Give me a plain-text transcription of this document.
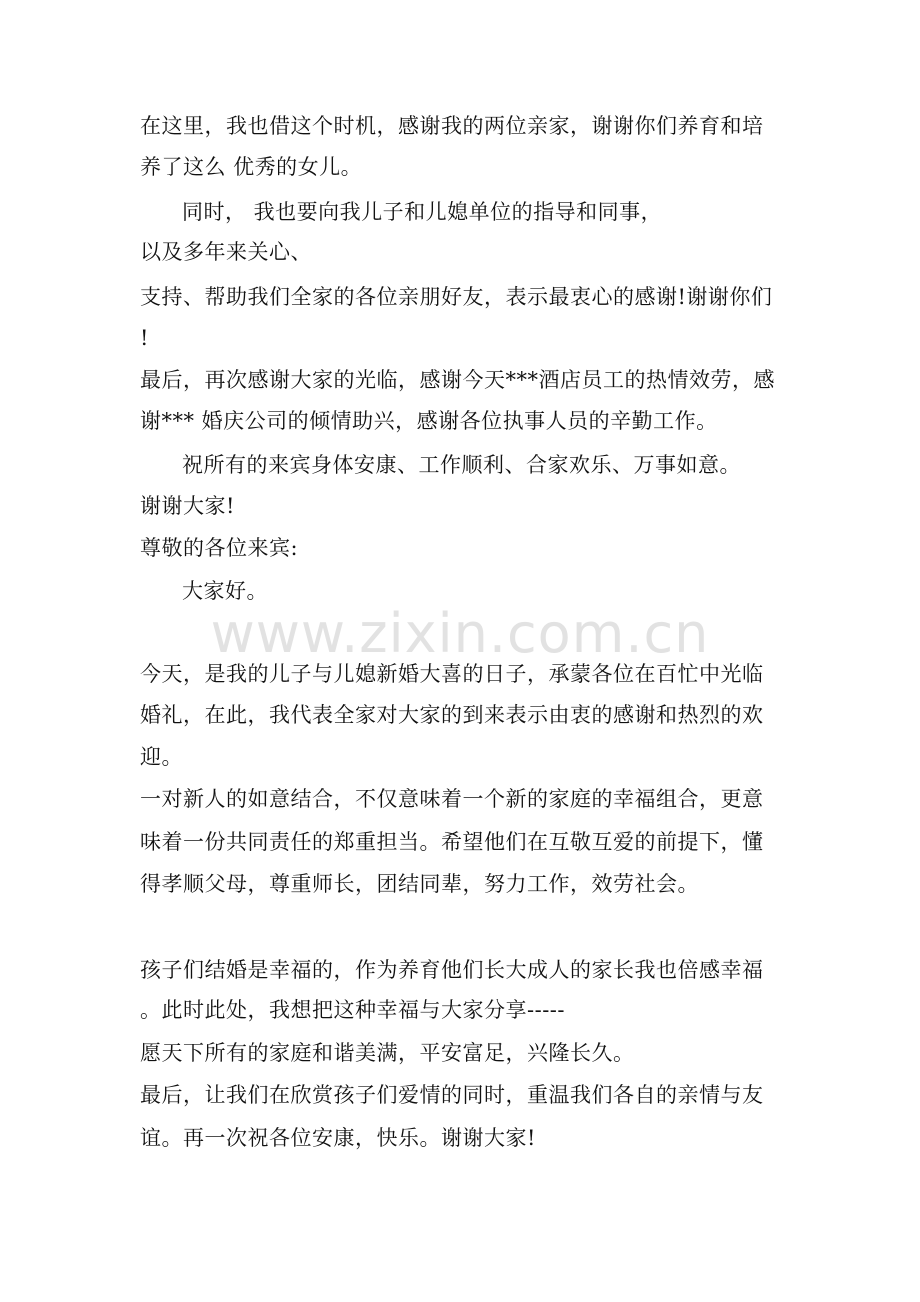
在这里，我也借这个时机，感谢我的两位亲家，谢谢你们养育和培
养了这么 优秀的女儿。
同时， 我也要向我儿子和儿媳单位的指导和同事，
以及多年来关心、
支持、帮助我们全家的各位亲朋好友，表示最衷心的感谢!谢谢你们
!
最后，再次感谢大家的光临，感谢今天***酒店员工的热情效劳，感
谢*** 婚庆公司的倾情助兴，感谢各位执事人员的辛勤工作。
祝所有的来宾身体安康、工作顺利、合家欢乐、万事如意。
谢谢大家!
尊敬的各位来宾:
大家好。
www.zixin.com.cn
今天，是我的儿子与儿媳新婚大喜的日子，承蒙各位在百忙中光临
婚礼，在此，我代表全家对大家的到来表示由衷的感谢和热烈的欢
迎。
一对新人的如意结合，不仅意味着一个新的家庭的幸福组合，更意
味着一份共同责任的郑重担当。希望他们在互敬互爱的前提下，懂
得孝顺父母，尊重师长，团结同辈，努力工作，效劳社会。
孩子们结婚是幸福的，作为养育他们长大成人的家长我也倍感幸福
。此时此处，我想把这种幸福与大家分享-----
愿天下所有的家庭和谐美满，平安富足，兴隆长久。
最后，让我们在欣赏孩子们爱情的同时，重温我们各自的亲情与友
谊。再一次祝各位安康，快乐。谢谢大家!
